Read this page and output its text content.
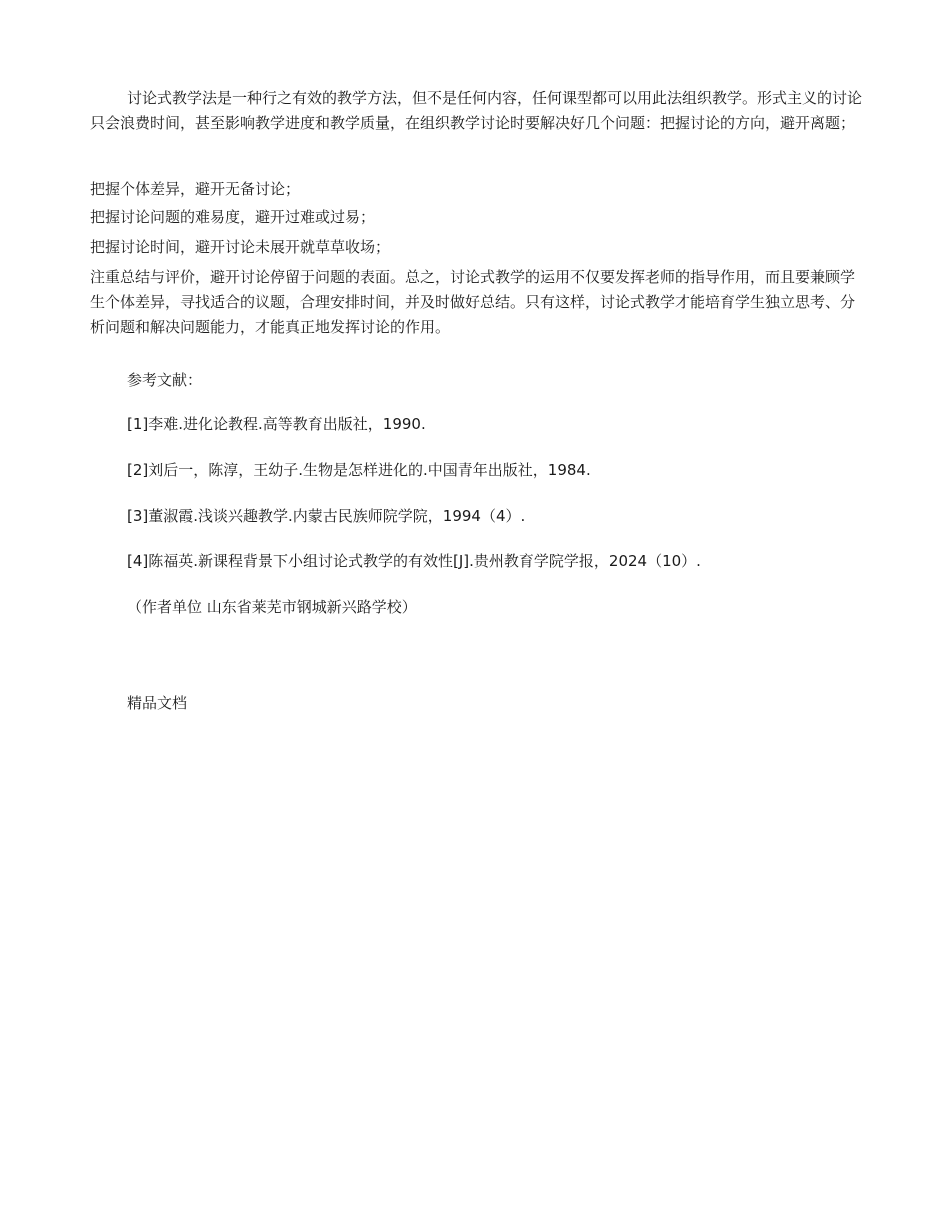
讨论式教学法是一种行之有效的教学方法，但不是任何内容，任何课型都可以用此法组织教学。形式主义的讨论只会浪费时间，甚至影响教学进度和教学质量，在组织教学讨论时要解决好几个问题：把握讨论的方向，避开离题；

把握个体差异，避开无备讨论；

把握讨论问题的难易度，避开过难或过易；

把握讨论时间，避开讨论未展开就草草收场；

注重总结与评价，避开讨论停留于问题的表面。总之，讨论式教学的运用不仅要发挥老师的指导作用，而且要兼顾学生个体差异，寻找适合的议题，合理安排时间，并及时做好总结。只有这样，讨论式教学才能培育学生独立思考、分析问题和解决问题能力，才能真正地发挥讨论的作用。

参考文献：

[1]李难.进化论教程.高等教育出版社，1990.

[2]刘后一，陈淳，王幼子.生物是怎样进化的.中国青年出版社，1984.

[3]董淑霞.浅谈兴趣教学.内蒙古民族师院学院，1994（4）.

[4]陈福英.新课程背景下小组讨论式教学的有效性[J].贵州教育学院学报，2024（10）.

（作者单位 山东省莱芜市钢城新兴路学校）

精品文档
